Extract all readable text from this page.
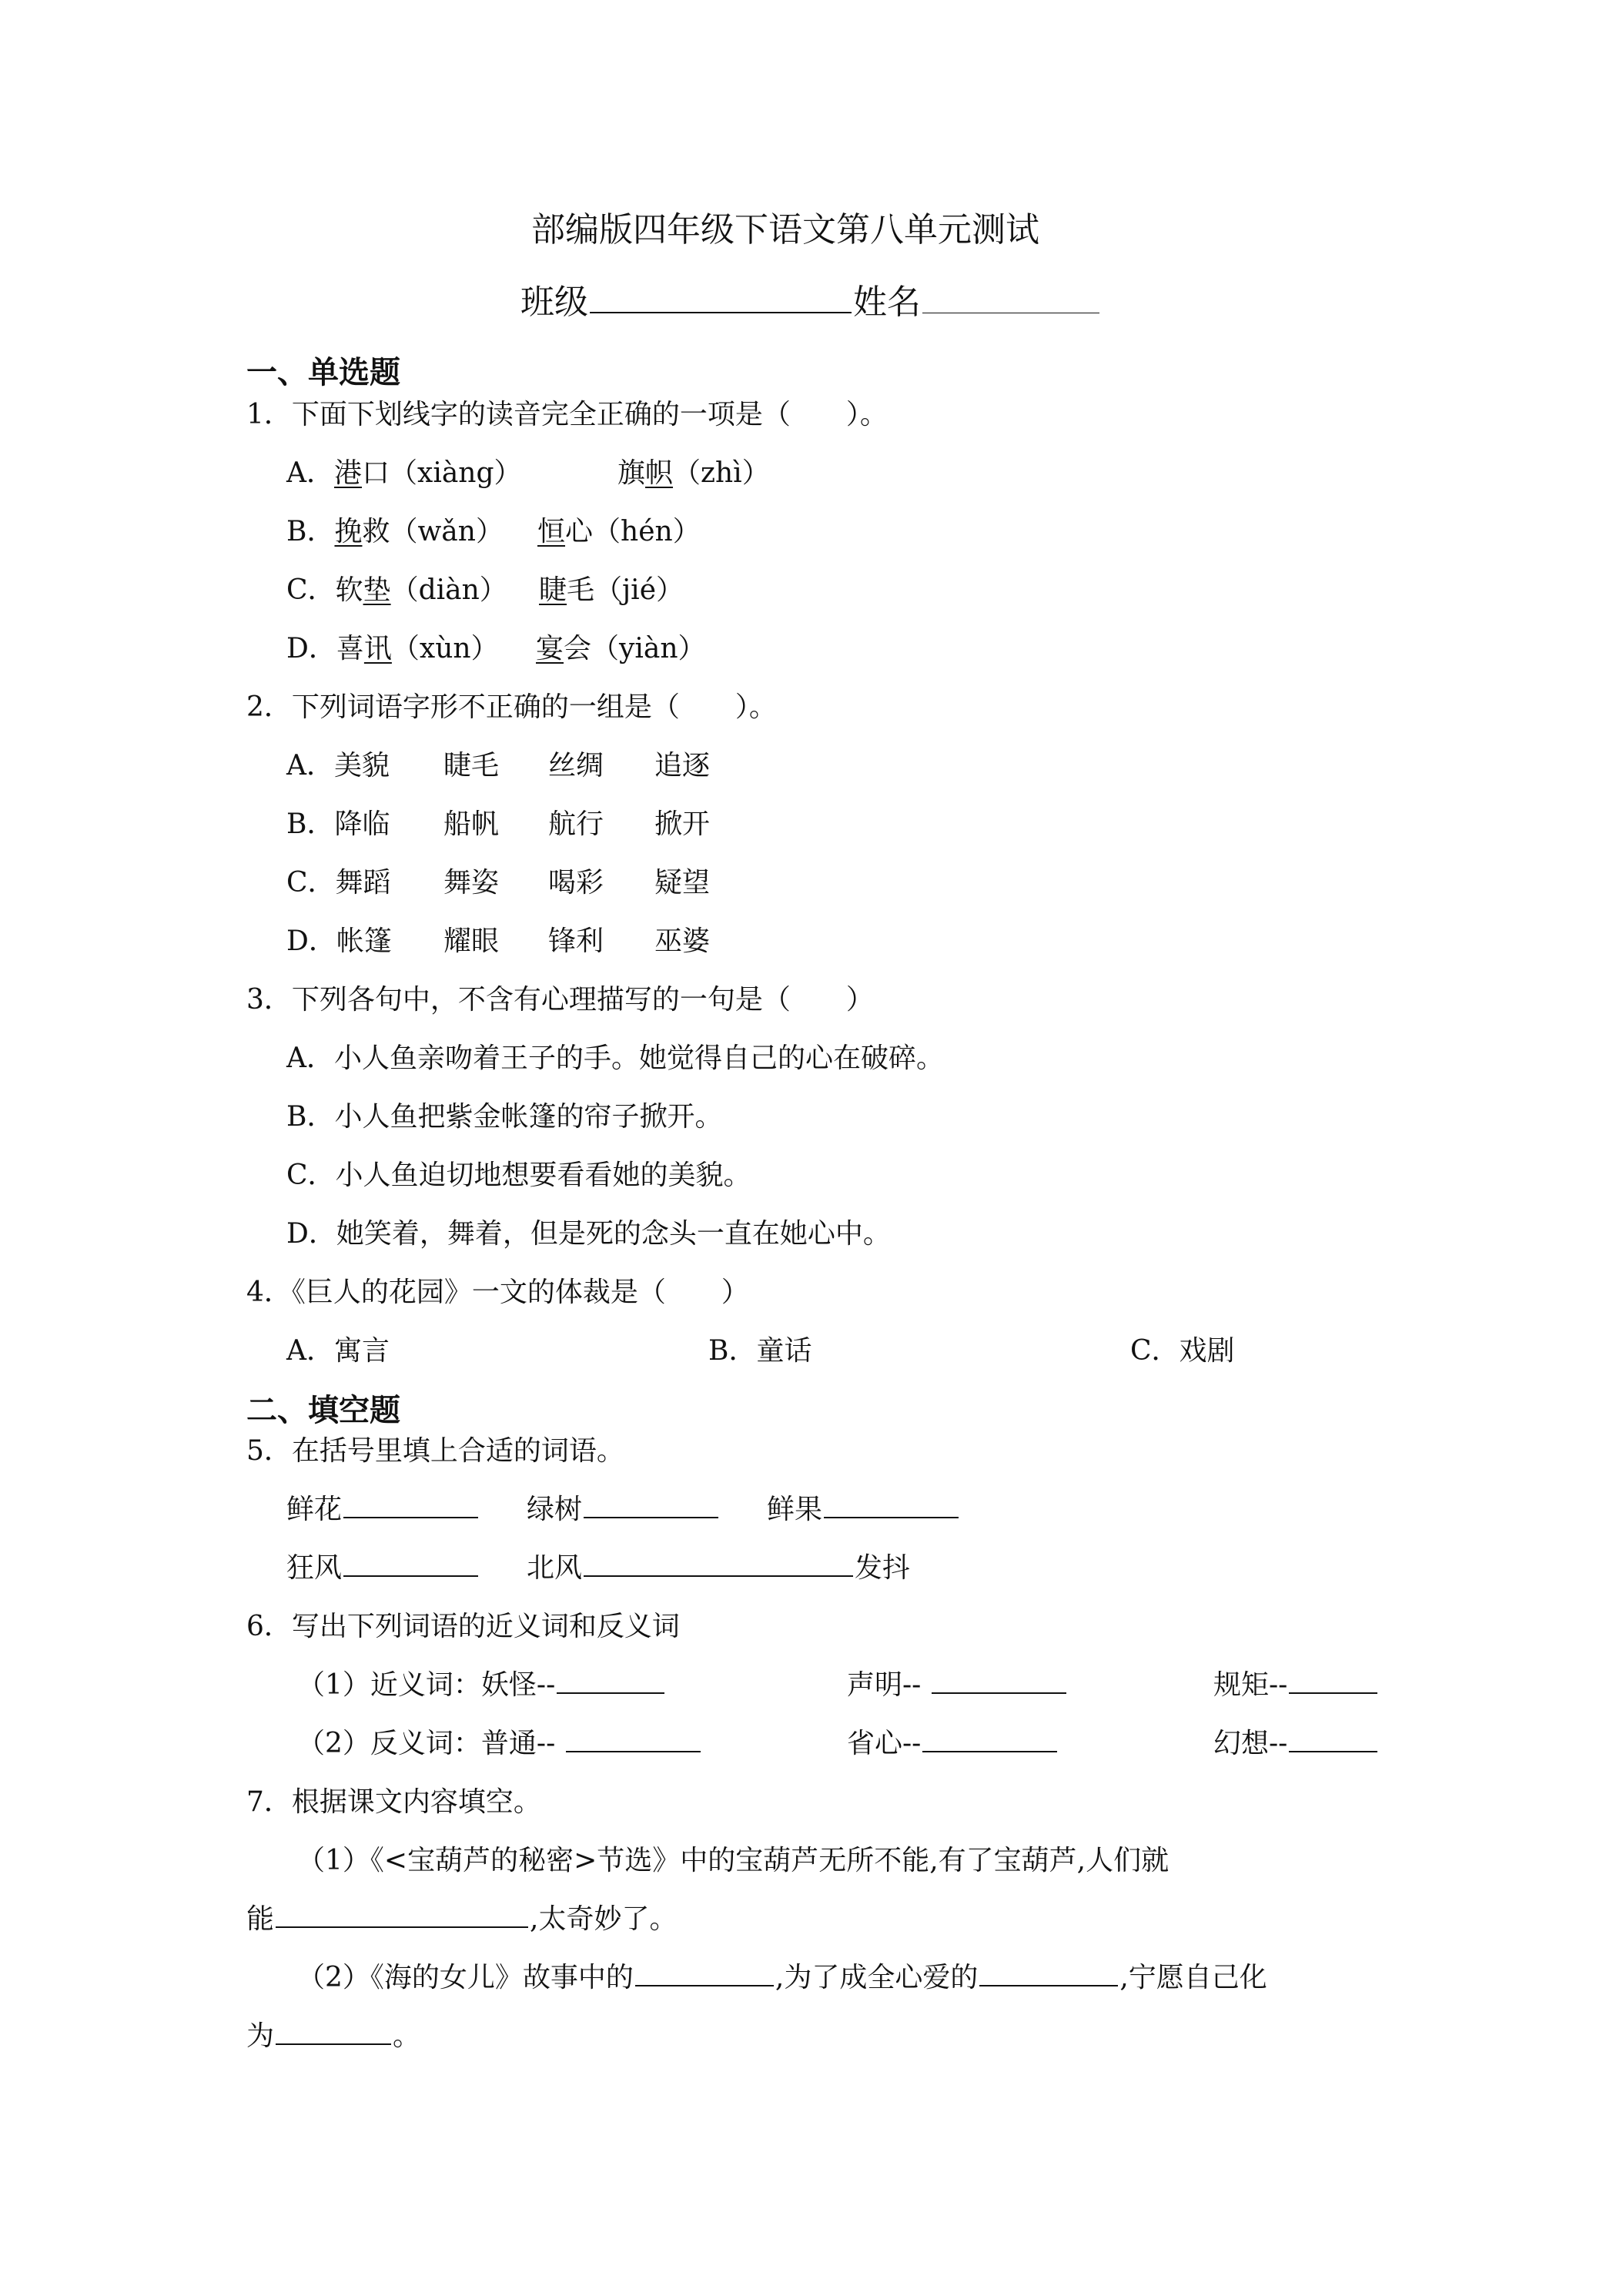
部编版四年级下语文第八单元测试
班级	姓名
一、单选题
1．下面下划线字的读音完全正确的一项是（　　）。
A．港口（xiàng）	旗帜（zhì）
B．挽救（wǎn） 恒心（hén）
C．软垫（diàn） 睫毛（jié）
D．喜讯（xùn） 宴会（yiàn）
2．下列词语字形不正确的一组是（　　）。
A．美貌 睫毛 丝绸 追逐
B．降临 船帆 航行 掀开
C．舞蹈 舞姿 喝彩 疑望
D．帐篷 耀眼 锋利 巫婆
3．下列各句中，不含有心理描写的一句是（　　）
A．小人鱼亲吻着王子的手。她觉得自己的心在破碎。
B．小人鱼把紫金帐篷的帘子掀开。
C．小人鱼迫切地想要看看她的美貌。
D．她笑着，舞着，但是死的念头一直在她心中。
4．《巨人的花园》一文的体裁是（　　）
A．寓言	B．童话	C．戏剧
二、填空题
5．在括号里填上合适的词语。
鲜花	绿树	鲜果
狂风	北风	发抖
6．写出下列词语的近义词和反义词
（1）近义词：妖怪--	声明--	规矩--
（2）反义词：普通--	省心--	幻想--
7．根据课文内容填空。
（1）《<宝葫芦的秘密>节选》中的宝葫芦无所不能,有了宝葫芦,人们就
能	,太奇妙了。
（2）《海的女儿》故事中的	,为了成全心爱的	,宁愿自己化
为	。
